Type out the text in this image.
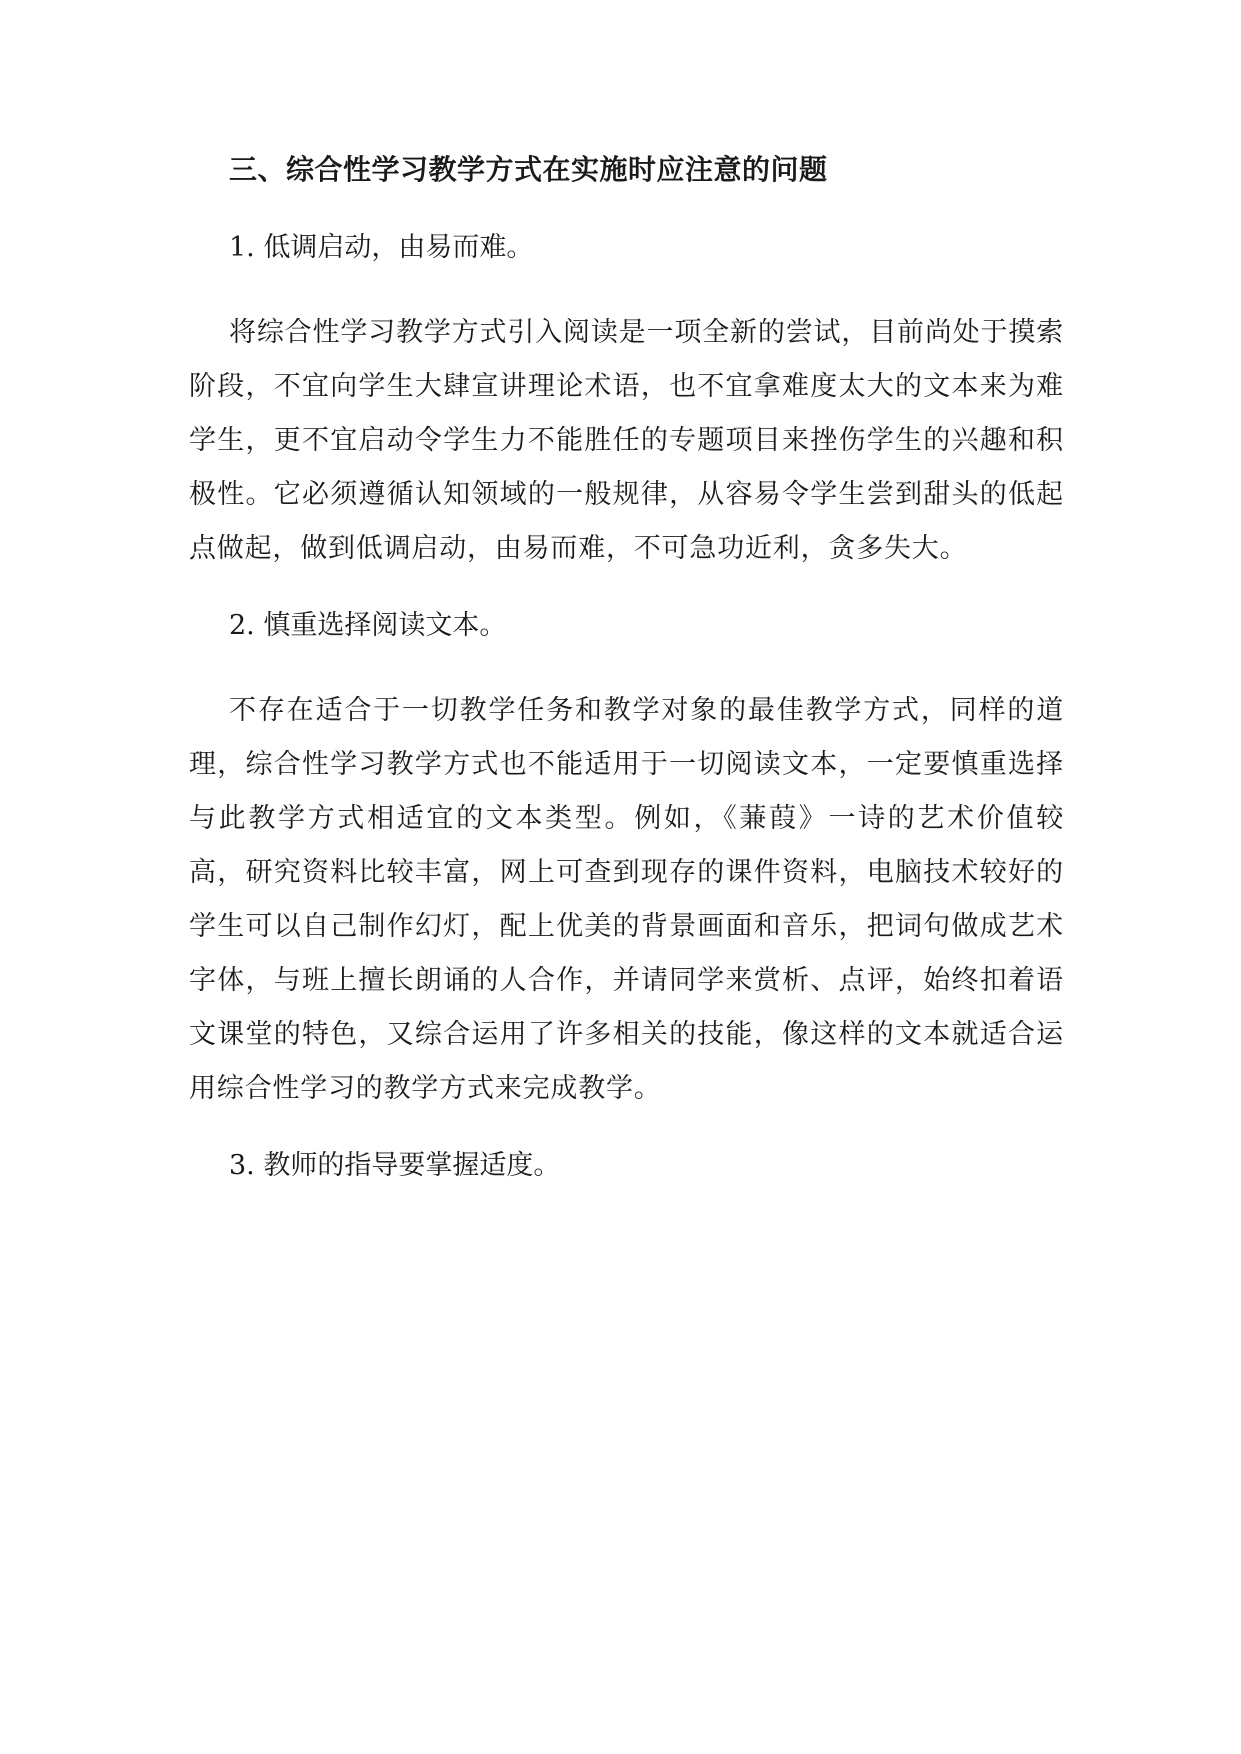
三、综合性学习教学方式在实施时应注意的问题

1. 低调启动，由易而难。

将综合性学习教学方式引入阅读是一项全新的尝试，目前尚处于摸索阶段，不宜向学生大肆宣讲理论术语，也不宜拿难度太大的文本来为难学生，更不宜启动令学生力不能胜任的专题项目来挫伤学生的兴趣和积极性。它必须遵循认知领域的一般规律，从容易令学生尝到甜头的低起点做起，做到低调启动，由易而难，不可急功近利，贪多失大。

2. 慎重选择阅读文本。

不存在适合于一切教学任务和教学对象的最佳教学方式，同样的道理，综合性学习教学方式也不能适用于一切阅读文本，一定要慎重选择与此教学方式相适宜的文本类型。例如，《蒹葭》一诗的艺术价值较高，研究资料比较丰富，网上可查到现存的课件资料，电脑技术较好的学生可以自己制作幻灯，配上优美的背景画面和音乐，把词句做成艺术字体，与班上擅长朗诵的人合作，并请同学来赏析、点评，始终扣着语文课堂的特色，又综合运用了许多相关的技能，像这样的文本就适合运用综合性学习的教学方式来完成教学。

3. 教师的指导要掌握适度。
